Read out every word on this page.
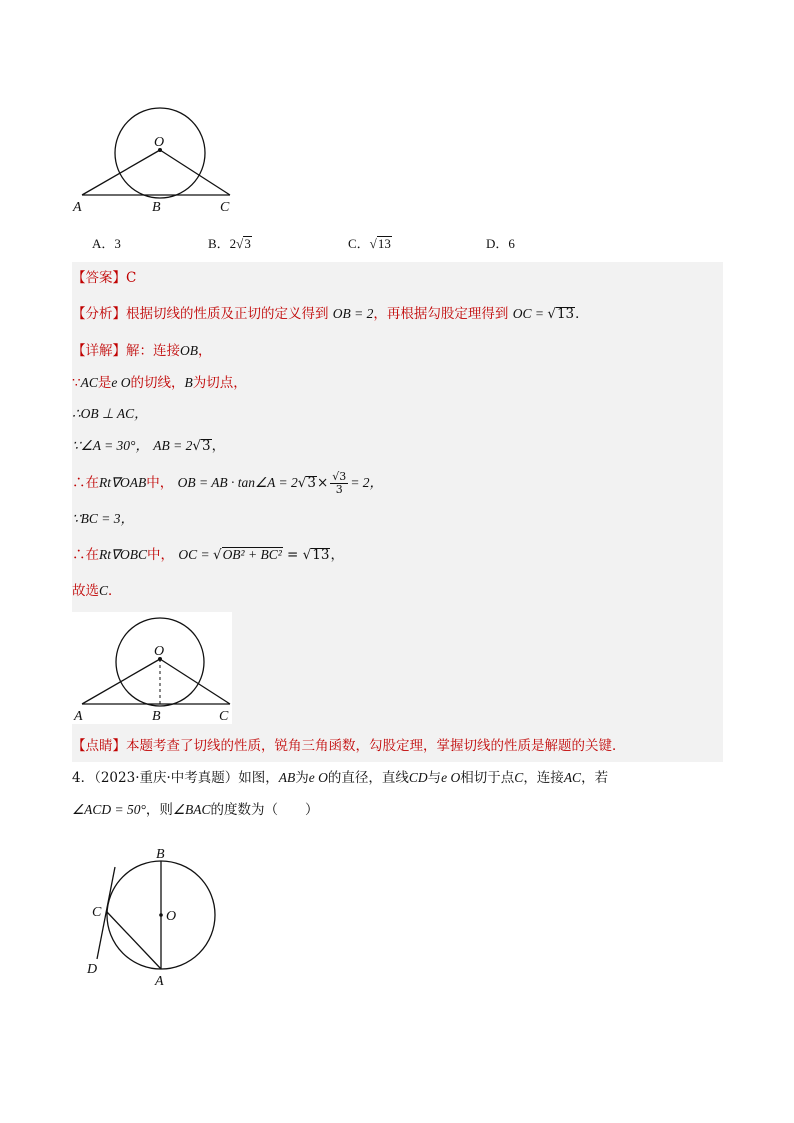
O
A	B	C
A．3	B．2√3	C．√13	D．6
【答案】C
【分析】根据切线的性质及正切的定义得到 OB = 2，再根据勾股定理得到 OC = √13．
【详解】解：连接OB，
∵AC是e O的切线，B为切点，
∴OB ⊥ AC，
∵∠A = 30°， AB = 2√3，
∴在Rt∇OAB中， OB = AB · tan∠A = $2√3\times \frac{√3}{3} = 2$，
∵BC = 3，
∴在Rt∇OBC中， OC = √OB² + BC² = √13，
故选C．
O
A	B	C
【点睛】本题考查了切线的性质，锐角三角函数，勾股定理，掌握切线的性质是解题的关键．
4．（2023·重庆·中考真题）如图，AB为e O的直径，直线CD与e O相切于点C，连接AC，若
∠ACD = 50°，则∠BAC的度数为（　　）
B
C	O
D
A
